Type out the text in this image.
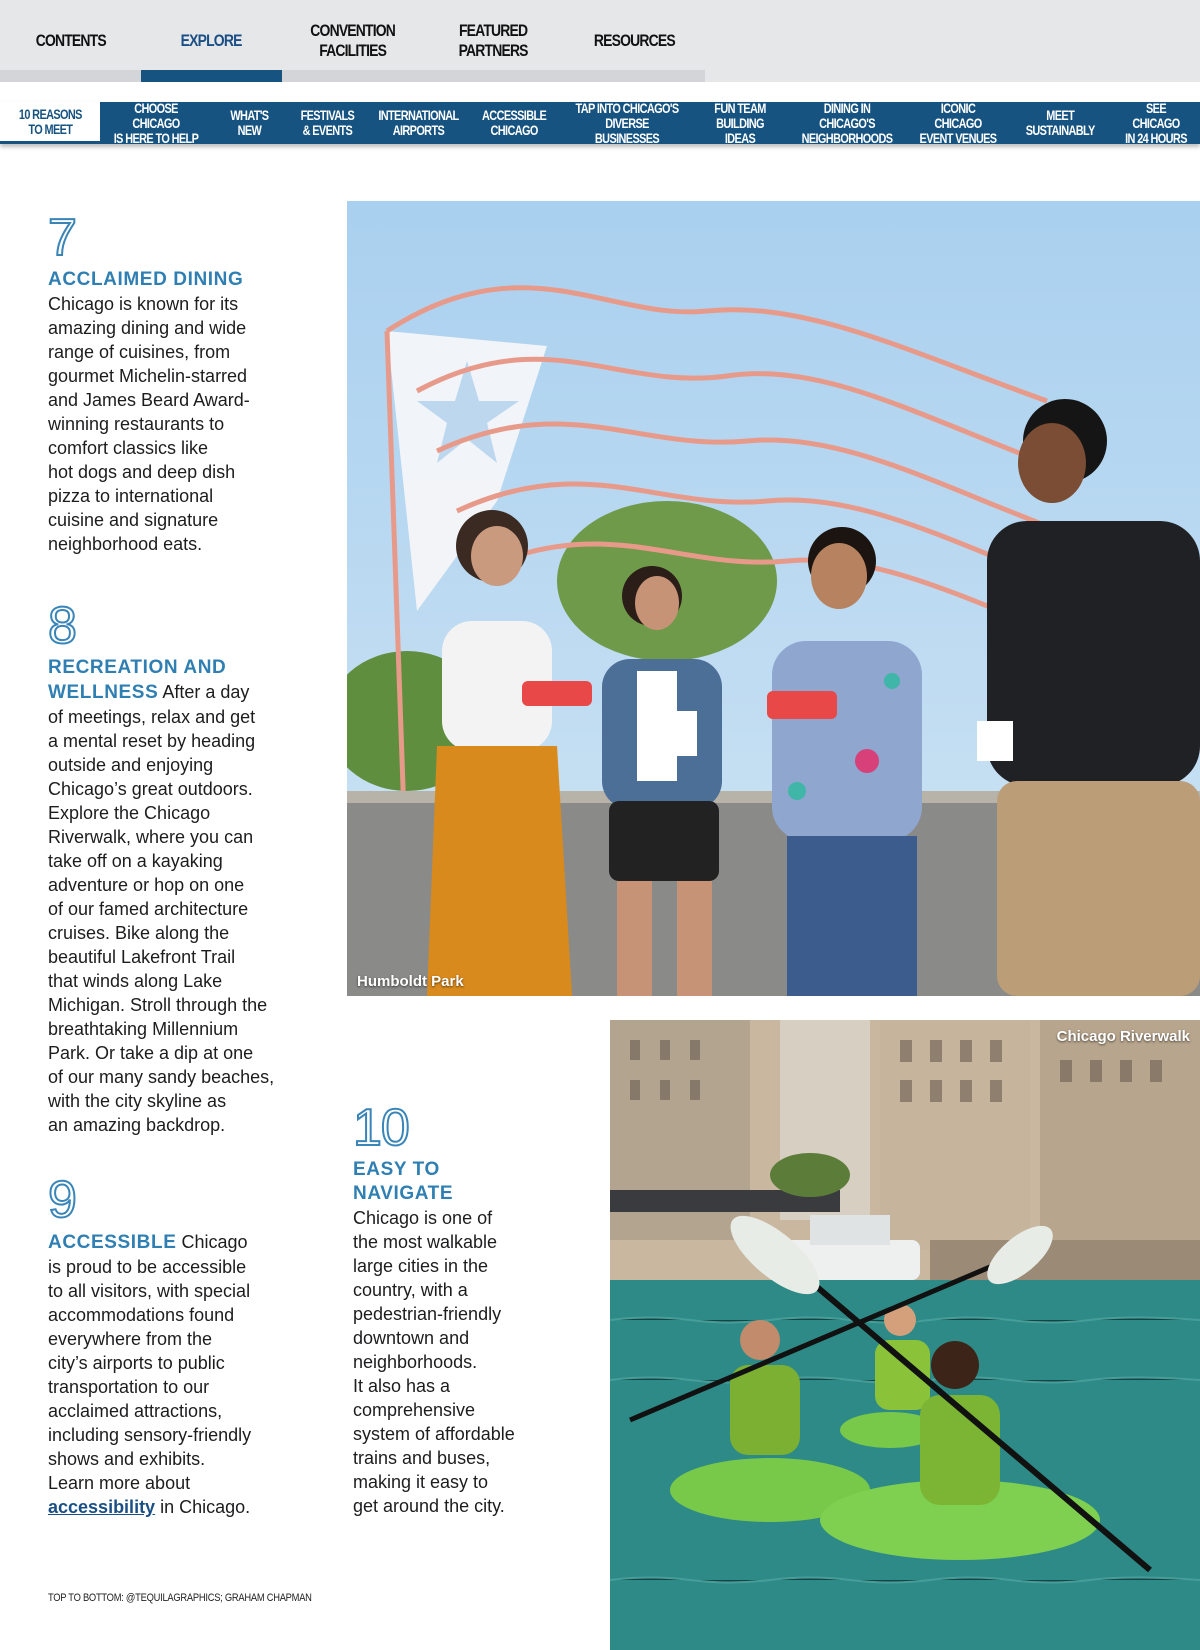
CONTENTS	EXPLORE
CONVENTION
FACILITIES
FEATURED
PARTNERS
RESOURCES
10 REASONS
TO MEET
CHOOSE CHICAGO
IS HERE TO HELP
WHAT'S
NEW
FESTIVALS
& EVENTS
INTERNATIONAL
AIRPORTS
ACCESSIBLE
CHICAGO
TAP INTO CHICAGO'S
DIVERSE BUSINESSES
FUN TEAM
BUILDING IDEAS
DINING IN CHICAGO'S
NEIGHBORHOODS
ICONIC CHICAGO
EVENT VENUES
MEET
SUSTAINABLY
SEE CHICAGO
IN 24 HOURS
7
ACCLAIMED DINING
Chicago is known for its
amazing dining and wide
range of cuisines, from
gourmet Michelin-starred
and James Beard Award-
winning restaurants to
comfort classics like
hot dogs and deep dish
pizza to international
cuisine and signature
neighborhood eats.
8
RECREATION AND
WELLNESS After a day
of meetings, relax and get
a mental reset by heading
outside and enjoying
Chicago’s great outdoors.
Explore the Chicago
Riverwalk, where you can
take off on a kayaking
adventure or hop on one
of our famed architecture
cruises. Bike along the
beautiful Lakefront Trail
that winds along Lake
Michigan. Stroll through the
breathtaking Millennium
Park. Or take a dip at one
of our many sandy beaches,
with the city skyline as
an amazing backdrop.
9
ACCESSIBLE Chicago
is proud to be accessible
to all visitors, with special
accommodations found
everywhere from the
city’s airports to public
transportation to our
acclaimed attractions,
including sensory-friendly
shows and exhibits.
Learn more about
accessibility in Chicago.
10
EASY TO
NAVIGATE
Chicago is one of
the most walkable
large cities in the
country, with a
pedestrian-friendly
downtown and
neighborhoods.
It also has a
comprehensive
system of affordable
trains and buses,
making it easy to
get around the city.
Humboldt Park
Chicago Riverwalk
TOP TO BOTTOM: @TEQUILAGRAPHICS; GRAHAM CHAPMAN
